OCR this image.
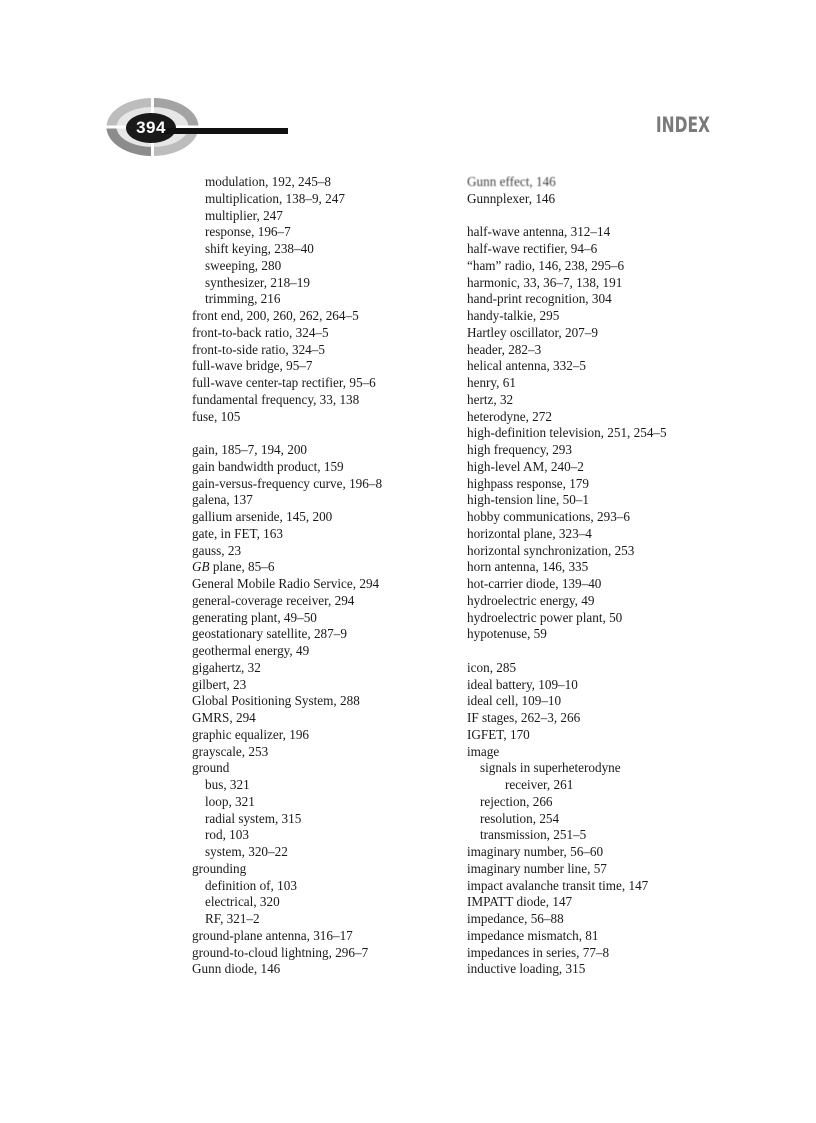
394	INDEX
modulation, 192, 245–8
multiplication, 138–9, 247
multiplier, 247
response, 196–7
shift keying, 238–40
sweeping, 280
synthesizer, 218–19
trimming, 216
front end, 200, 260, 262, 264–5
front-to-back ratio, 324–5
front-to-side ratio, 324–5
full-wave bridge, 95–7
full-wave center-tap rectifier, 95–6
fundamental frequency, 33, 138
fuse, 105
gain, 185–7, 194, 200
gain bandwidth product, 159
gain-versus-frequency curve, 196–8
galena, 137
gallium arsenide, 145, 200
gate, in FET, 163
gauss, 23
GB plane, 85–6
General Mobile Radio Service, 294
general-coverage receiver, 294
generating plant, 49–50
geostationary satellite, 287–9
geothermal energy, 49
gigahertz, 32
gilbert, 23
Global Positioning System, 288
GMRS, 294
graphic equalizer, 196
grayscale, 253
ground
bus, 321
loop, 321
radial system, 315
rod, 103
system, 320–22
grounding
definition of, 103
electrical, 320
RF, 321–2
ground-plane antenna, 316–17
ground-to-cloud lightning, 296–7
Gunn diode, 146
Gunn effect, 146
Gunnplexer, 146
half-wave antenna, 312–14
half-wave rectifier, 94–6
“ham” radio, 146, 238, 295–6
harmonic, 33, 36–7, 138, 191
hand-print recognition, 304
handy-talkie, 295
Hartley oscillator, 207–9
header, 282–3
helical antenna, 332–5
henry, 61
hertz, 32
heterodyne, 272
high-definition television, 251, 254–5
high frequency, 293
high-level AM, 240–2
highpass response, 179
high-tension line, 50–1
hobby communications, 293–6
horizontal plane, 323–4
horizontal synchronization, 253
horn antenna, 146, 335
hot-carrier diode, 139–40
hydroelectric energy, 49
hydroelectric power plant, 50
hypotenuse, 59
icon, 285
ideal battery, 109–10
ideal cell, 109–10
IF stages, 262–3, 266
IGFET, 170
image
signals in superheterodyne
receiver, 261
rejection, 266
resolution, 254
transmission, 251–5
imaginary number, 56–60
imaginary number line, 57
impact avalanche transit time, 147
IMPATT diode, 147
impedance, 56–88
impedance mismatch, 81
impedances in series, 77–8
inductive loading, 315
